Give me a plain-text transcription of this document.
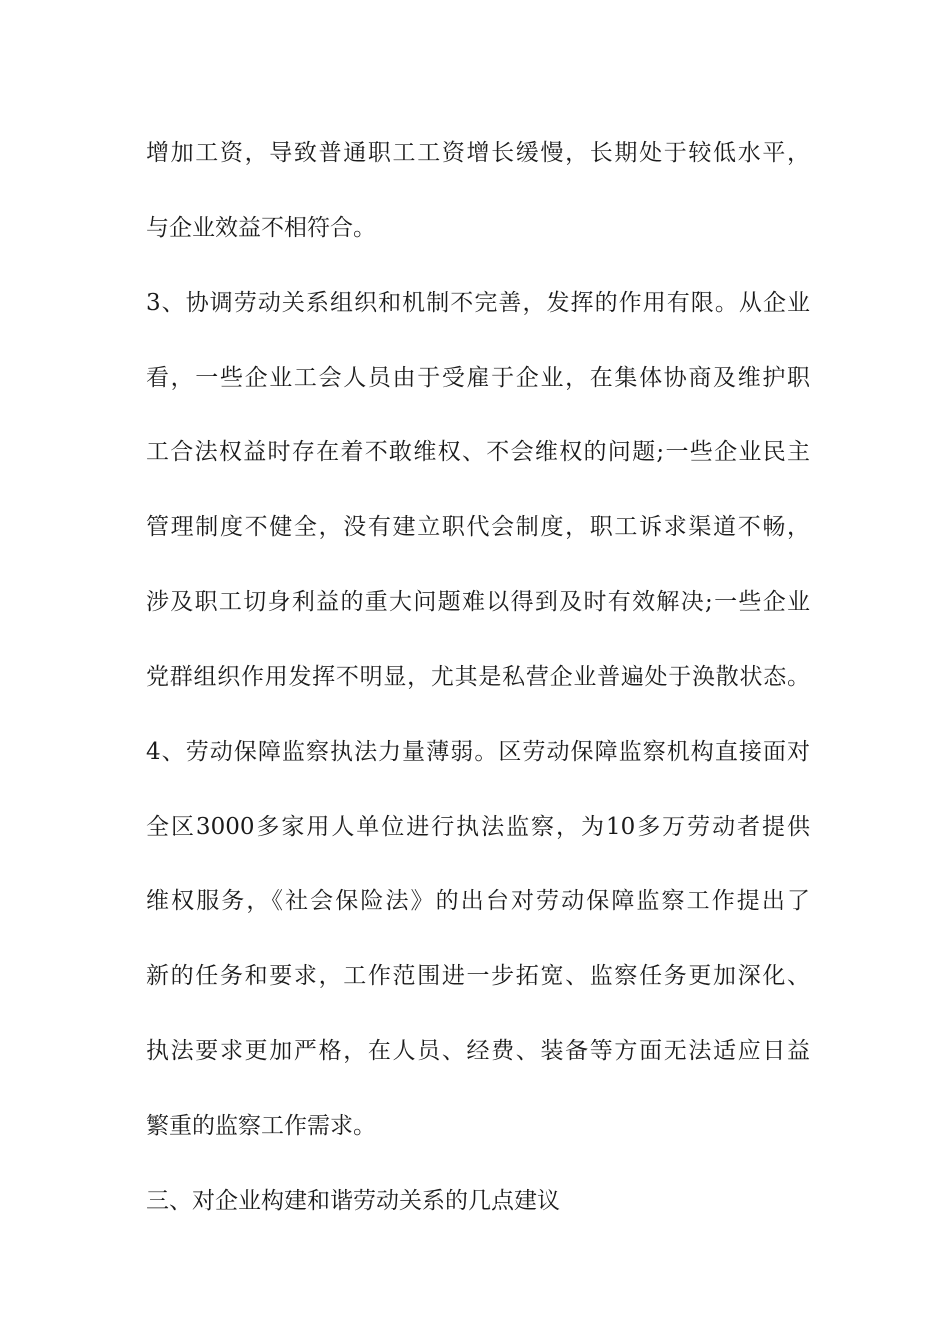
增加工资，导致普通职工工资增长缓慢，长期处于较低水平，
与企业效益不相符合。
3、协调劳动关系组织和机制不完善，发挥的作用有限。从企业
看，一些企业工会人员由于受雇于企业，在集体协商及维护职
工合法权益时存在着不敢维权、不会维权的问题;一些企业民主
管理制度不健全，没有建立职代会制度，职工诉求渠道不畅，
涉及职工切身利益的重大问题难以得到及时有效解决;一些企业
党群组织作用发挥不明显，尤其是私营企业普遍处于涣散状态。
4、劳动保障监察执法力量薄弱。区劳动保障监察机构直接面对
全区3000多家用人单位进行执法监察，为10多万劳动者提供
维权服务，《社会保险法》的出台对劳动保障监察工作提出了
新的任务和要求，工作范围进一步拓宽、监察任务更加深化、
执法要求更加严格，在人员、经费、装备等方面无法适应日益
繁重的监察工作需求。
三、对企业构建和谐劳动关系的几点建议
